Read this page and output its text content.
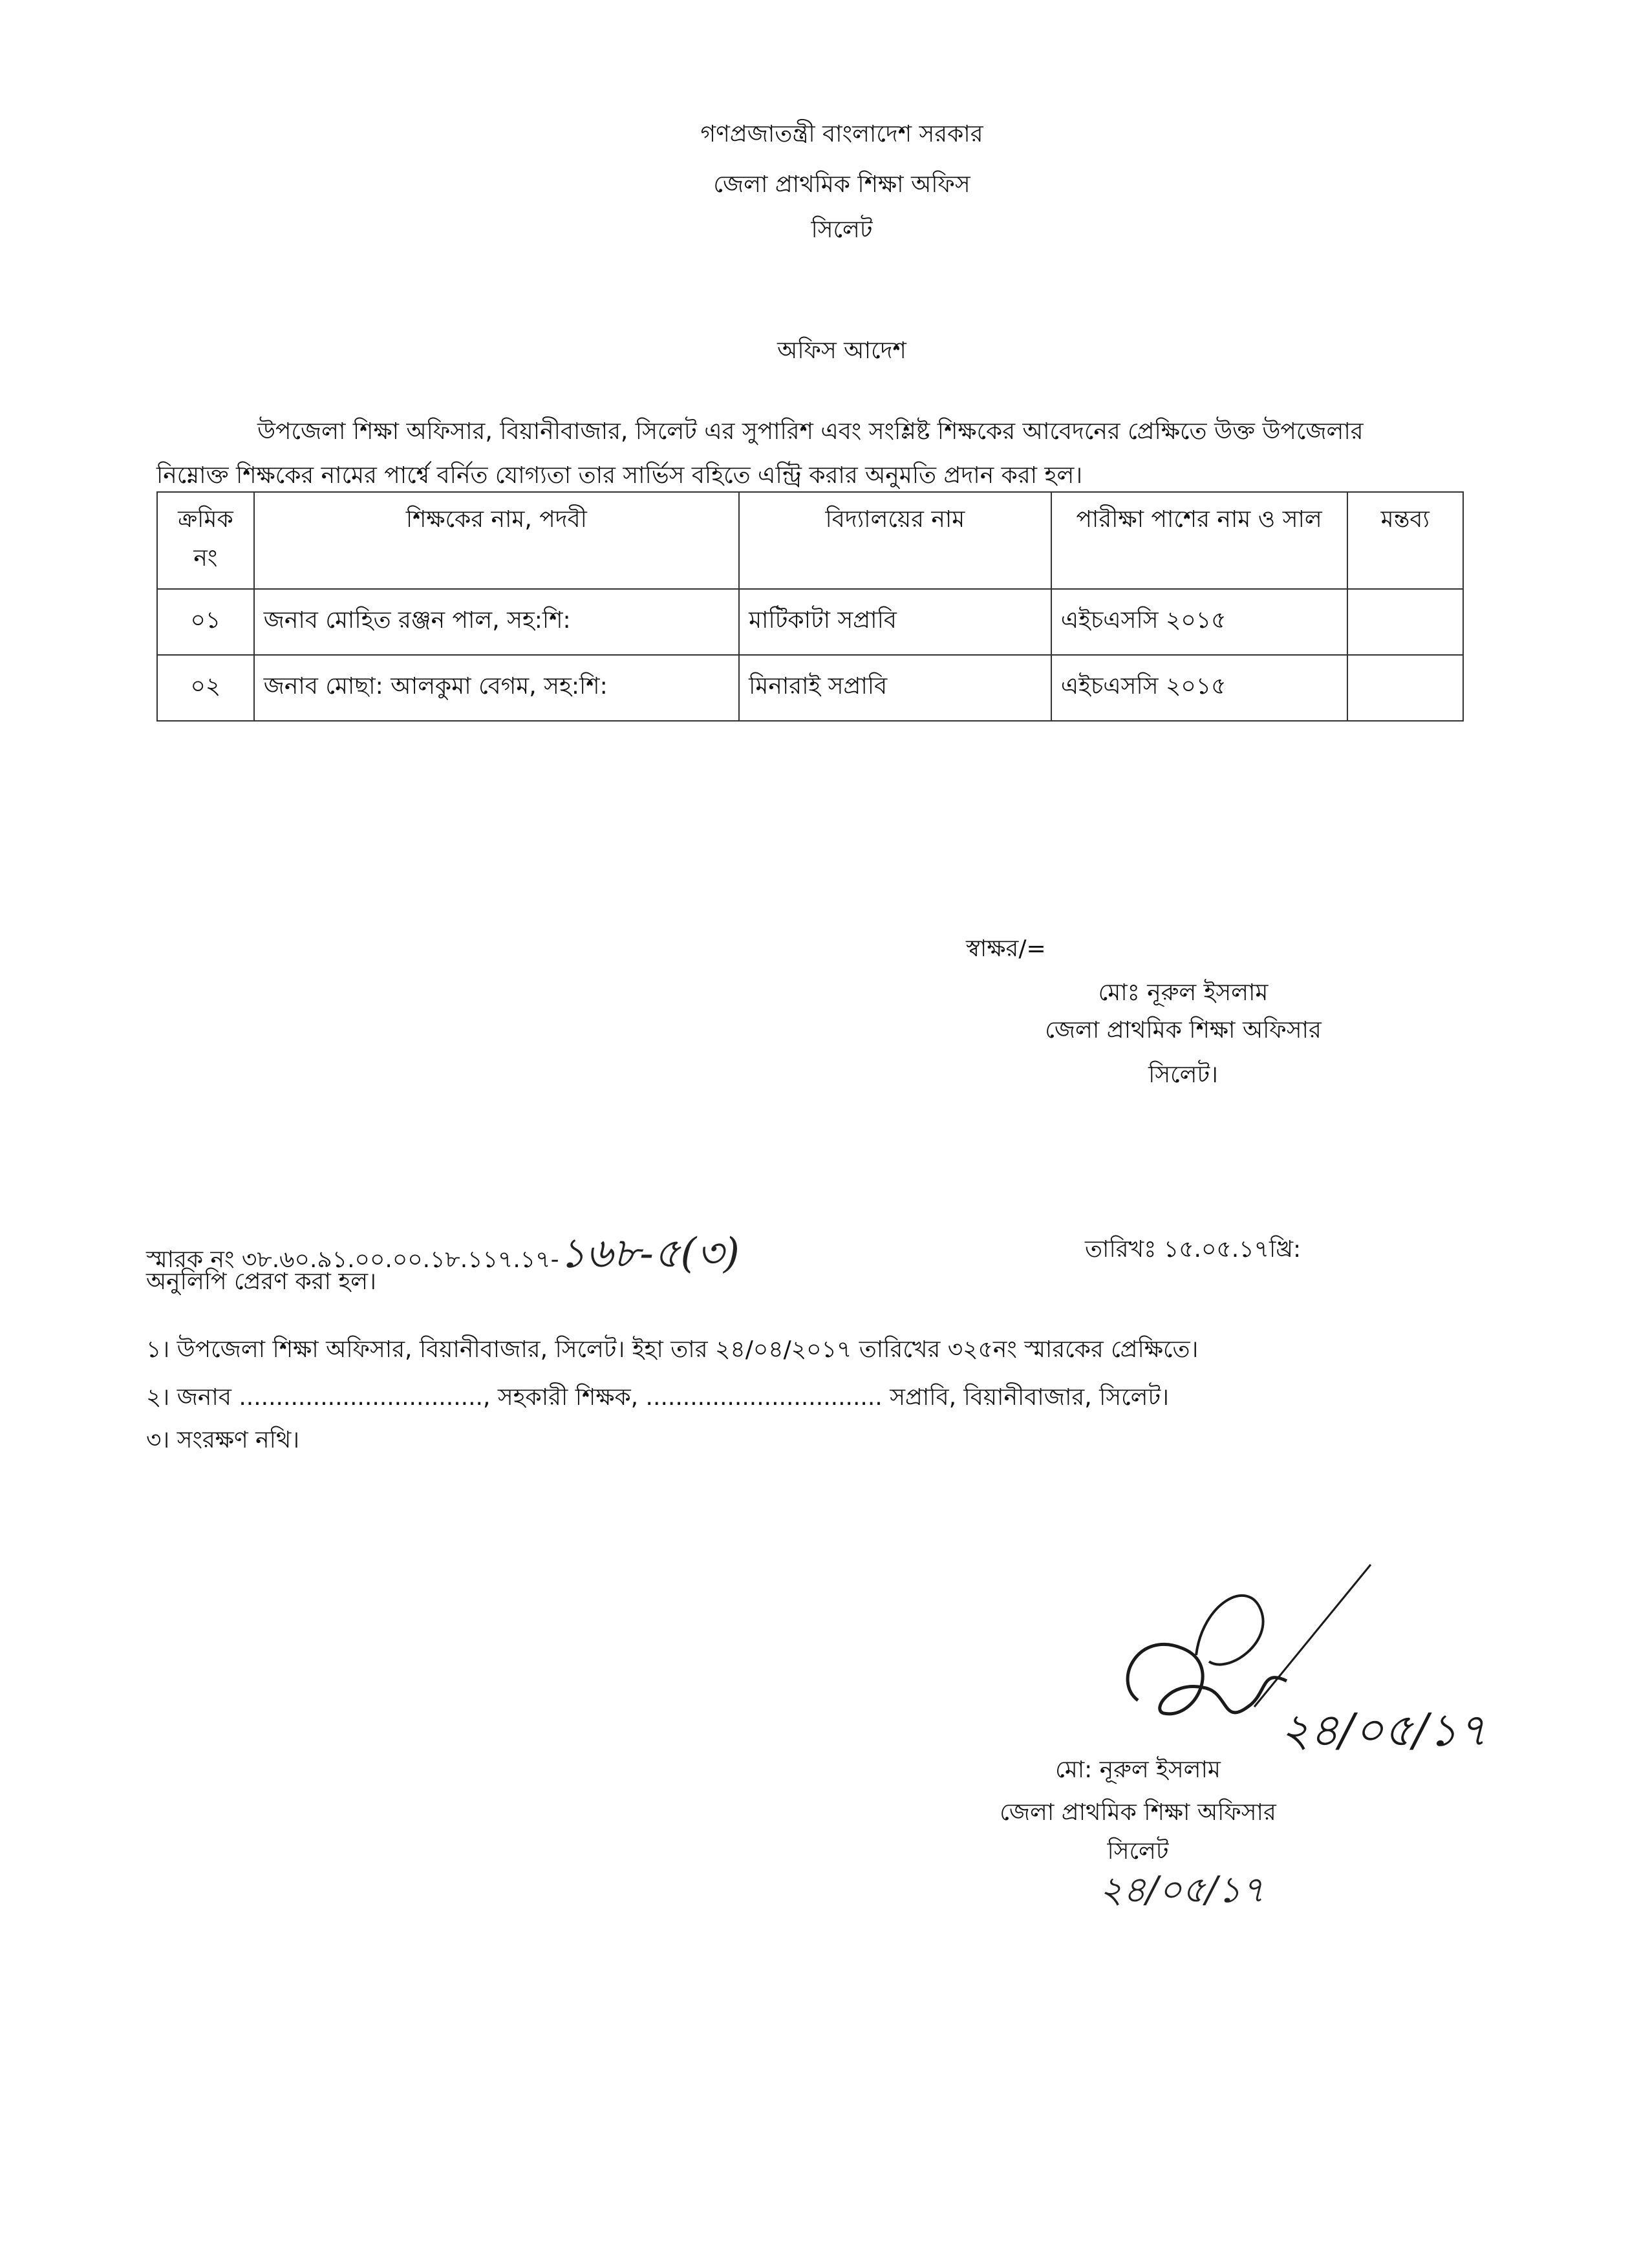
গণপ্রজাতন্ত্রী বাংলাদেশ সরকার
জেলা প্রাথমিক শিক্ষা অফিস
সিলেট
অফিস আদেশ
উপজেলা শিক্ষা অফিসার, বিয়ানীবাজার, সিলেট এর সুপারিশ এবং সংশ্লিষ্ট শিক্ষকের আবেদনের প্রেক্ষিতে উক্ত উপজেলার
নিম্নোক্ত শিক্ষকের নামের পার্শ্বে বর্নিত যোগ্যতা তার সার্ভিস বহিতে এন্ট্রি করার অনুমতি প্রদান করা হল।
ক্রমিক নং	শিক্ষকের নাম, পদবী	বিদ্যালয়ের নাম	পারীক্ষা পাশের নাম ও সাল	মন্তব্য
০১	জনাব মোহিত রঞ্জন পাল, সহ:শি:	মাটিকাটা সপ্রাবি	এইচএসসি ২০১৫	
০২	জনাব মোছা: আলকুমা বেগম, সহ:শি:	মিনারাই সপ্রাবি	এইচএসসি ২০১৫	
স্বাক্ষর/=
মোঃ নূরুল ইসলাম
জেলা প্রাথমিক শিক্ষা অফিসার
সিলেট।
স্মারক নং ৩৮.৬০.৯১.০০.০০.১৮.১১৭.১৭-১৬৮-৫(৩)	তারিখঃ ১৫.০৫.১৭খ্রি:
অনুলিপি প্রেরণ করা হল।
১। উপজেলা শিক্ষা অফিসার, বিয়ানীবাজার, সিলেট। ইহা তার ২৪/০৪/২০১৭ তারিখের ৩২৫নং স্মারকের প্রেক্ষিতে।
২। জনাব ................................., সহকারী শিক্ষক, ................................ সপ্রাবি, বিয়ানীবাজার, সিলেট।
৩। সংরক্ষণ নথি।
২৪/০৫/১৭
মো: নূরুল ইসলাম
জেলা প্রাথমিক শিক্ষা অফিসার
সিলেট
২৪/০৫/১৭
